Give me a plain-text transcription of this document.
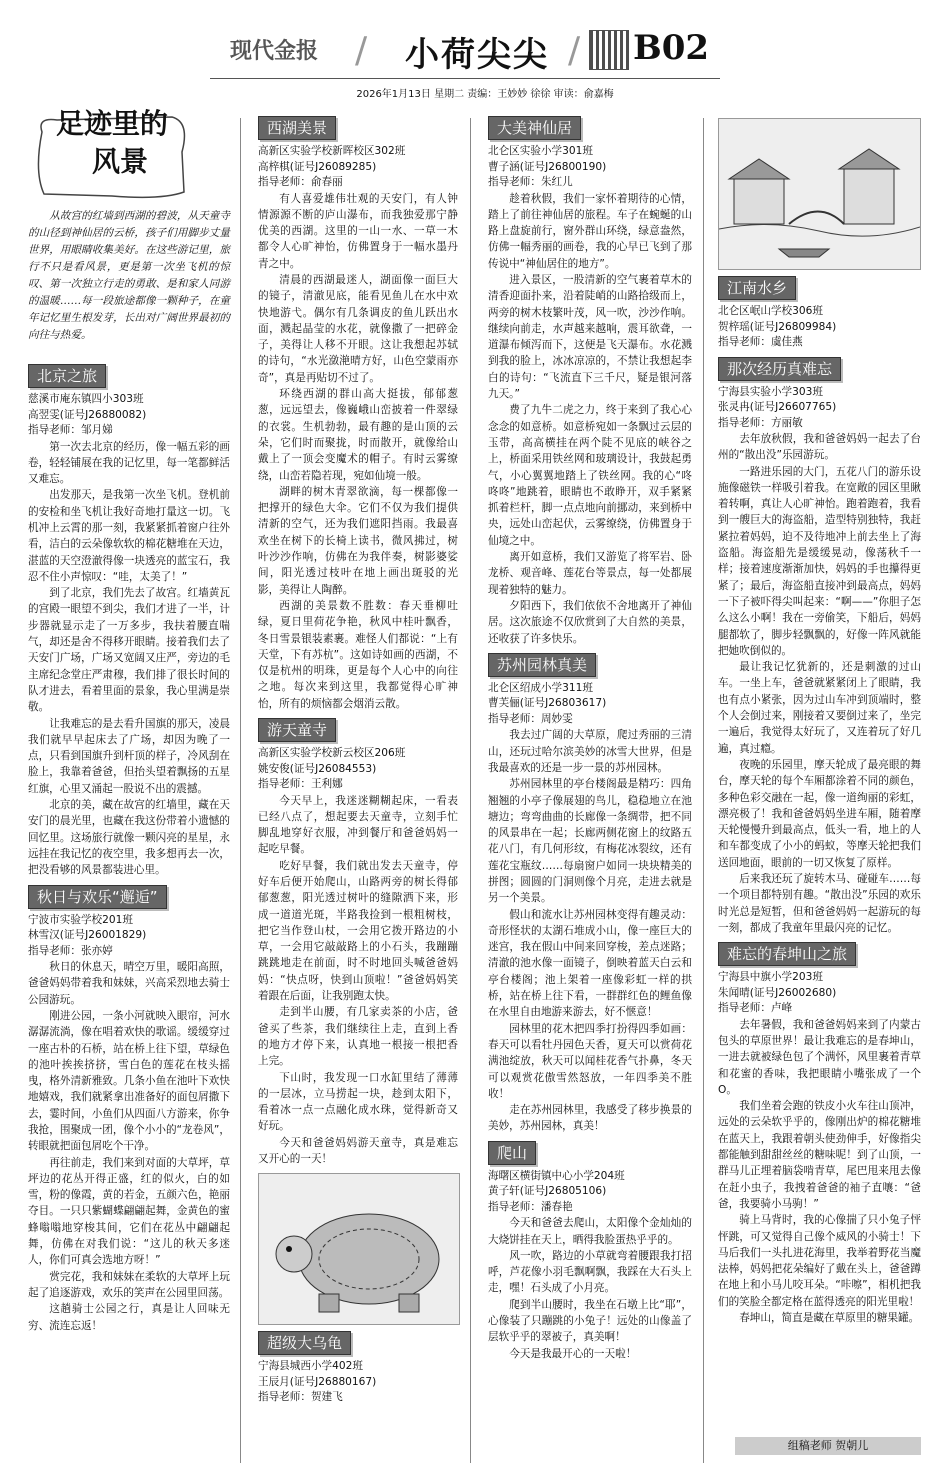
现代金报 / 小荷尖尖 / B02
2026年1月13日 星期二 责编：王妙妙 徐徐 审读：俞嘉梅
足迹里的
风景

从故宫的红墙到西湖的碧波，从天童寺的山径到神仙居的云桥，孩子们用脚步丈量世界，用眼睛收集美好。在这些游记里，旅行不只是看风景，更是第一次坐飞机的惊叹、第一次独立行走的勇敢、是和家人同游的温暖……每一段旅途都像一颗种子，在童年记忆里生根发芽，长出对广阔世界最初的向往与热爱。

北京之旅
慈溪市庵东镇四小303班
高翌雯(证号J26880082)
指导老师：邹月娣

第一次去北京的经历，像一幅五彩的画卷，轻轻铺展在我的记忆里，每一笔都鲜活又难忘。

出发那天，是我第一次坐飞机。登机前的安检和坐飞机让我好奇地打量这一切。飞机冲上云霄的那一刻，我紧紧抓着窗户往外看，洁白的云朵像软软的棉花糖堆在天边，湛蓝的天空澄澈得像一块透亮的蓝宝石，我忍不住小声惊叹：“哇，太美了！”

到了北京，我们先去了故宫。红墙黄瓦的宫殿一眼望不到尖，我们才进了一半，计步器就显示走了一万多步，我扶着腰直喘气，却还是舍不得移开眼睛。接着我们去了天安门广场，广场又宽阔又庄严，旁边的毛主席纪念堂庄严肃穆，我们排了很长时间的队才进去，看着里面的景象，我心里满是崇敬。

让我难忘的是去看升国旗的那天，凌晨我们就早早起床去了广场，却因为晚了一点，只看到国旗升到杆顶的样子，冷风刮在脸上，我靠着爸爸，但抬头望着飘扬的五星红旗，心里又涌起一股说不出的震撼。

北京的美，藏在故宫的红墙里，藏在天安门的晨光里，也藏在我这份带着小遗憾的回忆里。这场旅行就像一颗闪亮的星星，永远挂在我记忆的夜空里，我多想再去一次，把没看够的风景都装进心里。

秋日与欢乐“邂逅”
宁波市实验学校201班
林雪汉(证号J26001829)
指导老师：张亦婷

秋日的休息天，晴空万里，暖阳高照，爸爸妈妈带着我和妹妹，兴高采烈地去骑士公园游玩。

刚进公园，一条小河就映入眼帘，河水潺潺流淌，像在唱着欢快的歌谣。缓缓穿过一座古朴的石桥，站在桥上往下望，草绿色的池叶挨挨挤挤，雪白色的莲花在枝头摇曳，格外清新雅致。几条小鱼在池叶下欢快地嬉戏，我们就紧拿出准备好的面包屑撒下去，霎时间，小鱼们从四面八方游来，你争我抢，围聚成一团，像个小小的“龙卷风”，转眼就把面包屑吃个干净。

再往前走，我们来到对面的大草坪，草坪边的花丛开得正盛，红的似火，白的如雪，粉的像霞，黄的若金，五颜六色，艳丽夺目。一只只紫蝴蝶翩翩起舞，金黄色的蜜蜂嗡嗡地穿梭其间，它们在花丛中翩翩起舞，仿佛在对我们说：“这儿的秋天多迷人，你们可真会选地方呀！”

赏完花，我和妹妹在柔软的大草坪上玩起了追逐游戏，欢乐的笑声在公园里回荡。

这趟骑士公园之行，真是让人回味无穷、流连忘返！

西湖美景
高新区实验学校新晖校区302班
高梓棋(证号J26089285)
指导老师：俞春丽

有人喜爱雄伟壮观的天安门，有人钟情源源不断的庐山瀑布，而我独爱那宁静优美的西湖。这里的一山一水、一草一木都令人心旷神怡，仿佛置身于一幅水墨丹青之中。

清晨的西湖最迷人，湖面像一面巨大的镜子，清澈见底，能看见鱼儿在水中欢快地游弋。偶尔有几条调皮的鱼儿跃出水面，溅起晶莹的水花，就像撒了一把碎金子，美得让人移不开眼。这让我想起苏轼的诗句，“水光潋滟晴方好，山色空蒙雨亦奇”，真是再贴切不过了。

环绕西湖的群山高大挺拔，郁郁葱葱，远远望去，像巍峨山峦披着一件翠绿的衣裳。生机勃勃，最有趣的是山顶的云朵，它们时而聚拢，时而散开，就像给山戴上了一顶会变魔术的帽子。有时云雾缭绕，山峦若隐若现，宛如仙境一般。

湖畔的树木青翠欲滴，每一棵都像一把撑开的绿色大伞。它们不仅为我们提供清新的空气，还为我们遮阳挡雨。我最喜欢坐在树下的长椅上读书，微风拂过，树叶沙沙作响，仿佛在为我伴奏，树影婆娑间，阳光透过枝叶在地上画出斑驳的光影，美得让人陶醉。

西湖的美景数不胜数：春天垂柳吐绿，夏日里荷花争艳，秋风中桂叶飘香，冬日雪景银装素裹。难怪人们都说：“上有天堂，下有苏杭”。这如诗如画的西湖，不仅是杭州的明珠，更是每个人心中的向往之地。每次来到这里，我都觉得心旷神怡，所有的烦恼都会烟消云散。

游天童寺
高新区实验学校新云校区206班
姚安俊(证号J26084553)
指导老师：王利娜

今天早上，我迷迷糊糊起床，一看表已经八点了，想起要去天童寺，立刻手忙脚乱地穿好衣服，冲到餐厅和爸爸妈妈一起吃早餐。

吃好早餐，我们就出发去天童寺，停好车后便开始爬山，山路两旁的树长得郁郁葱葱，阳光透过树叶的缝隙洒下来，形成一道道光斑，半路我捡到一根粗树枝，把它当作登山杖，一会用它拨开路边的小草，一会用它敲敲路上的小石头，我蹦蹦跳跳地走在前面，时不时地回头喊爸爸妈妈：“快点呀，快到山顶啦！”爸爸妈妈笑着跟在后面，让我别跑太快。

走到半山腰，有几家卖茶的小店，爸爸买了些茶，我们继续往上走，直到上香的地方才停下来，认真地一根接一根把香上完。

下山时，我发现一口水缸里结了薄薄的一层冰，立马捞起一块，趁到太阳下，看着冰一点一点融化成水珠，觉得新奇又好玩。

今天和爸爸妈妈游天童寺，真是难忘又开心的一天！

超级大乌龟
宁海县城西小学402班
王辰月(证号J26880167)
指导老师：贺建飞
大美神仙居
北仑区实验小学301班
曹子涵(证号J26800190)
指导老师：朱红儿

趁着秋假，我们一家怀着期待的心情，踏上了前往神仙居的旅程。车子在蜿蜒的山路上盘旋前行，窗外群山环绕，绿意盎然，仿佛一幅秀丽的画卷，我的心早已飞到了那传说中“神仙居住的地方”。

进入景区，一股清新的空气裹着草木的清香迎面扑来，沿着陡峭的山路拾级而上，两旁的树木枝繁叶茂，风一吹，沙沙作响。继续向前走，水声越来越响，震耳欲聋，一道瀑布倾泻而下，这便是飞天瀑布。水花溅到我的脸上，冰冰凉凉的，不禁让我想起李白的诗句：“飞流直下三千尺，疑是银河落九天。”

费了九牛二虎之力，终于来到了我心心念念的如意桥。如意桥宛如一条飘过云层的玉带，高高横挂在两个陡不见底的峡谷之上，桥面采用铁丝网和玻璃设计，我鼓起勇气，小心翼翼地踏上了铁丝网。我的心“咚咚咚”地跳着，眼睛也不敢睁开，双手紧紧抓着栏杆，脚一点点地向前挪动，来到桥中央，远处山峦起伏，云雾缭绕，仿佛置身于仙境之中。

离开如意桥，我们又游览了将军岩、卧龙桥、观音峰、莲花台等景点，每一处都展现着独特的魅力。

夕阳西下，我们依依不舍地离开了神仙居。这次旅途不仅欣赏到了大自然的美景，还收获了许多快乐。

苏州园林真美
北仑区绍成小学311班
曹芙俪(证号J26803617)
指导老师：周妙雯

我去过广阔的大草原，爬过秀丽的三清山，还玩过哈尔滨美妙的冰雪大世界，但是我最喜欢的还是一步一景的苏州园林。

苏州园林里的亭台楼阁最是精巧：四角翘翘的小亭子像展翅的鸟儿，稳稳地立在池塘边；弯弯曲曲的长廊像一条绸带，把不同的风景串在一起；长廊两侧花窗上的纹路五花八门，有几何形纹，有梅花冰裂纹，还有莲花宝瓶纹……每扇窗户如同一块块精美的拼图；圆圆的门洞则像个月亮，走进去就是另一个美景。

假山和流水让苏州园林变得有趣灵动：奇形怪状的太湖石堆成小山，像一座巨大的迷宫，我在假山中间来回穿梭，差点迷路；清澈的池水像一面镜子，倒映着蓝天白云和亭台楼阁；池上架着一座像彩虹一样的拱桥，站在桥上往下看，一群群红色的鲤鱼像在水里自由地游来游去，好不惬意！

园林里的花木把四季打扮得四季如画：春天可以看牡丹园色天香，夏天可以赏荷花满池绽放，秋天可以闻桂花香气扑鼻，冬天可以观赏花傲雪然怒放，一年四季美不胜收！

走在苏州园林里，我感受了移步换景的美妙，苏州园林，真美！

爬山
海曙区横街镇中心小学204班
黄子轩(证号J26805106)
指导老师：潘春艳

今天和爸爸去爬山，太阳像个金灿灿的大烧饼挂在天上，晒得我脸蛋热乎乎的。

风一吹，路边的小草就弯着腰跟我打招呼，芦花像小羽毛飘啊飘，我踩在大石头上走，嘿！石头成了小月亮。

爬到半山腰时，我坐在石墩上比“耶”，心像装了只蹦跳的小兔子！远处的山像盖了层软乎乎的翠被子，真美啊！

今天是我最开心的一天啦！

江南水乡
北仑区岷山学校306班
贺梓瑶(证号J26809984)
指导老师：虞佳燕
那次经历真难忘
宁海县实验小学303班
张灵冉(证号J26607765)
指导老师：方丽敏

去年放秋假，我和爸爸妈妈一起去了台州的“散出没”乐园游玩。

一路进乐园的大门，五花八门的游乐设施像磁铁一样吸引着我。在宽敞的园区里瞅着转啊，真让人心旷神怡。跑着跑着，我看到一艘巨大的海盗船，造型特别独特，我赶紧拉着妈妈，迫不及待地冲上前去坐上了海盗船。海盗船先是缓缓晃动，像荡秋千一样；接着速度渐渐加快，妈妈的手也攥得更紧了；最后，海盗船直接冲到最高点，妈妈一下子被吓得尖叫起来：“啊——”你胆子怎么这么小啊！我在一旁偷笑，下船后，妈妈腿都软了，脚步轻飘飘的，好像一阵风就能把她吹倒似的。

最让我记忆犹新的，还是刺激的过山车。一坐上车，爸爸就紧紧闭上了眼睛，我也有点小紧张，因为过山车冲到顶端时，整个人会倒过来，刚接着又要倒过来了，坐完一遍后，我觉得太好玩了，又连着玩了好几遍，真过瘾。

夜晚的乐园里，摩天轮成了最亮眼的舞台，摩天轮的每个车厢都涂着不同的颜色，多种色彩交融在一起，像一道绚丽的彩虹，漂亮极了！我和爸爸妈妈坐进车厢，随着摩天轮慢慢升到最高点，低头一看，地上的人和车都变成了小小的蚂蚁，等摩天轮把我们送回地面，眼前的一切又恢复了原样。

后来我还玩了旋转木马、碰碰车……每一个项目都特别有趣。“散出没”乐园的欢乐时光总是短暂，但和爸爸妈妈一起游玩的每一刻，都成了我童年里最闪亮的记忆。

难忘的春坤山之旅
宁海县中旗小学203班
朱闻晴(证号J26002680)
指导老师：卢峰

去年暑假，我和爸爸妈妈来到了内蒙古包头的草原世界！最让我难忘的是春坤山，一进去就被绿色包了个满怀，风里裹着青草和花蜜的香味，我把眼睛小嘴张成了一个O。

我们坐着会跑的铁皮小火车往山顶冲，远处的云朵软乎乎的，像刚出炉的棉花糖堆在蓝天上，我跟着朝头使劲伸手，好像指尖都能触到甜甜丝丝的糖味呢！到了山顶，一群马儿正埋着脑袋啃青草，尾巴甩来甩去像在赶小虫子，我拽着爸爸的袖子直嚷：“爸爸，我要骑小马驹！”

骑上马背时，我的心像揣了只小兔子怦怦跳，可又觉得自己像个威风的小骑士！下马后我们一头扎进花海里，我举着野花当魔法棒，妈妈把花朵编好了戴在头上，爸爸蹲在地上和小马儿咬耳朵。“咔嚓”，相机把我们的笑脸全都定格在蓝得透亮的阳光里啦！

春坤山，简直是藏在草原里的糖果罐。

组稿老师 贺朝儿
